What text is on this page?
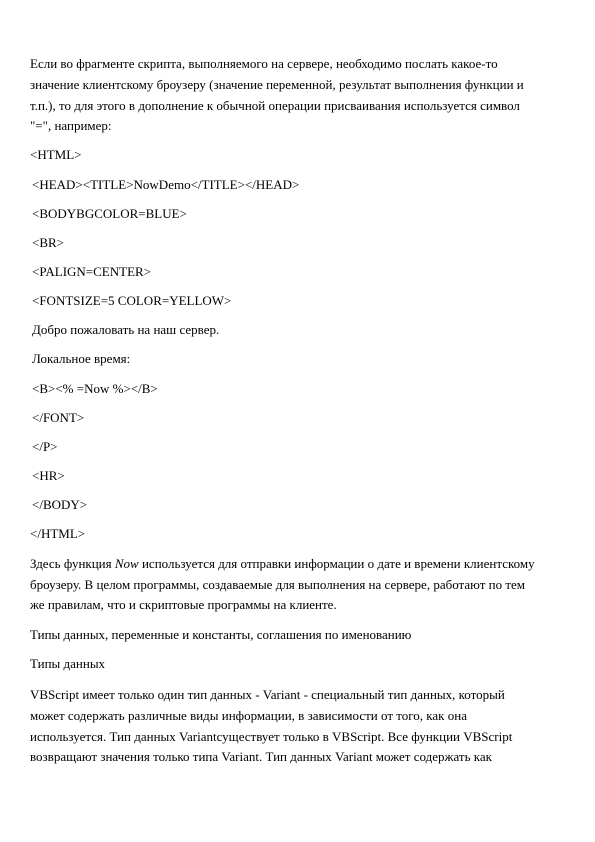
Если во фрагменте скрипта, выполняемого на сервере, необходимо послать какое-то

значение клиентскому броузеру (значение переменной, результат выполнения функции и

т.п.), то для этого в дополнение к обычной операции присваивания используется символ

"=", например:

<HTML>

<HEAD><TITLE>NowDemo</TITLE></HEAD>

<BODYBGCOLOR=BLUE>

<BR>

<PALIGN=CENTER>

<FONTSIZE=5 COLOR=YELLOW>

Добро пожаловать на наш сервер.

Локальное время:

<B><% =Now %></B>

</FONT>

</P>

<HR>

</BODY>

</HTML>

Здесь функция Now используется для отправки информации о дате и времени клиентскому

броузеру. В целом программы, создаваемые для выполнения на сервере, работают по тем

же правилам, что и скриптовые программы на клиенте.

Типы данных, переменные и константы, соглашения по именованию

Типы данных

VBScript имеет только один тип данных - Variant - специальный тип данных, который

может содержать различные виды информации, в зависимости от того, как она

используется. Тип данных Variantсуществует только в VBScript. Все функции VBScript

возвращают значения только типа Variant. Тип данных Variant может содержать как
